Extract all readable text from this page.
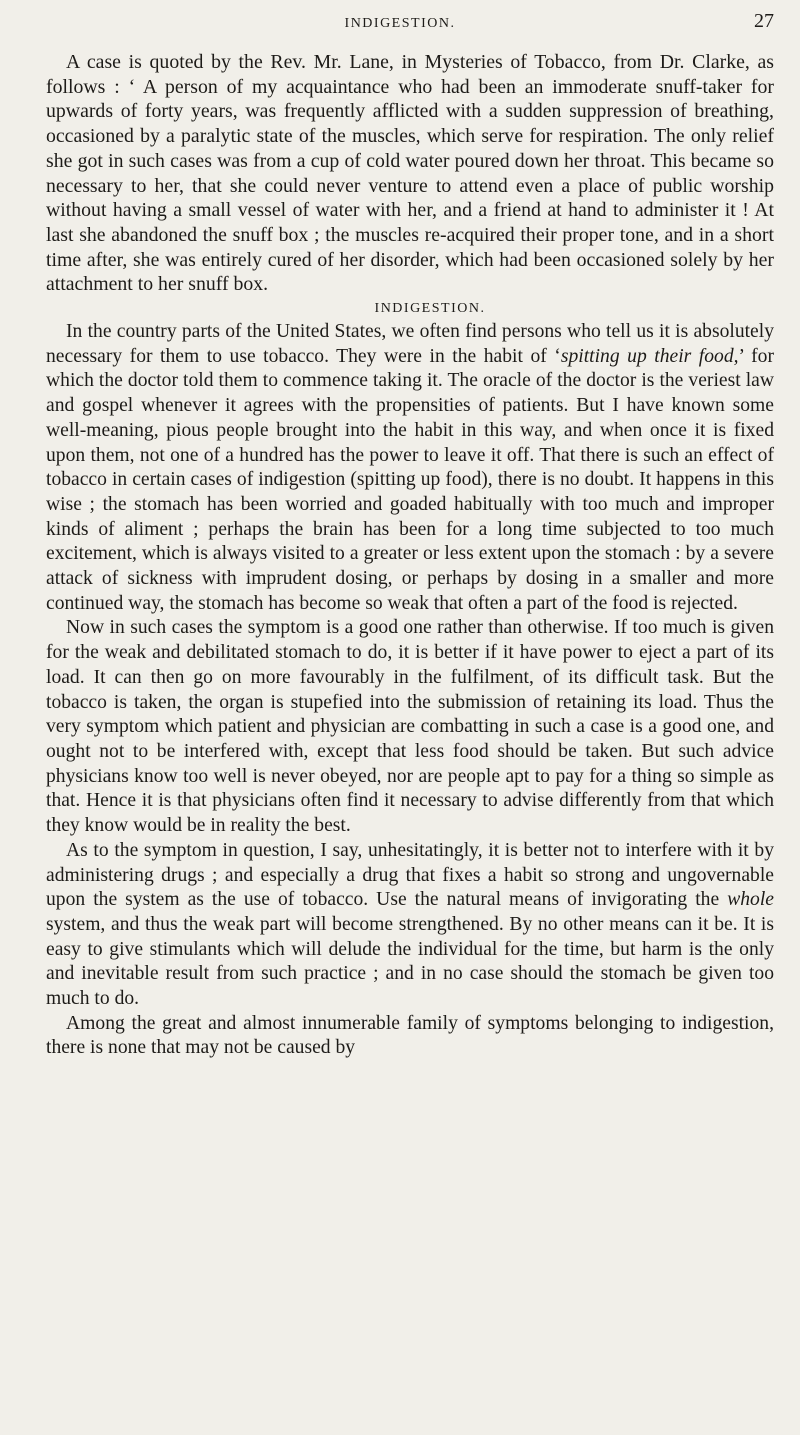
INDIGESTION.	27

A case is quoted by the Rev. Mr. Lane, in Mysteries of Tobacco, from Dr. Clarke, as follows : ‘ A person of my acquaintance who had been an immoderate snuff-taker for upwards of forty years, was frequently afflicted with a sudden suppression of breathing, occasioned by a paralytic state of the muscles, which serve for respiration. The only relief she got in such cases was from a cup of cold water poured down her throat. This became so necessary to her, that she could never venture to attend even a place of public worship without having a small vessel of water with her, and a friend at hand to administer it ! At last she abandoned the snuff box ; the muscles re-acquired their proper tone, and in a short time after, she was entirely cured of her disorder, which had been occasioned solely by her attachment to her snuff box.

INDIGESTION.

In the country parts of the United States, we often find persons who tell us it is absolutely necessary for them to use tobacco. They were in the habit of ‘spitting up their food,’ for which the doctor told them to commence taking it. The oracle of the doctor is the veriest law and gospel whenever it agrees with the propensities of patients. But I have known some well-meaning, pious people brought into the habit in this way, and when once it is fixed upon them, not one of a hundred has the power to leave it off. That there is such an effect of tobacco in certain cases of indigestion (spitting up food), there is no doubt. It happens in this wise ; the stomach has been worried and goaded habitually with too much and improper kinds of aliment ; perhaps the brain has been for a long time subjected to too much excitement, which is always visited to a greater or less extent upon the stomach : by a severe attack of sickness with imprudent dosing, or perhaps by dosing in a smaller and more continued way, the stomach has become so weak that often a part of the food is rejected.

Now in such cases the symptom is a good one rather than otherwise. If too much is given for the weak and debilitated stomach to do, it is better if it have power to eject a part of its load. It can then go on more favourably in the fulfilment, of its difficult task. But the tobacco is taken, the organ is stupefied into the submission of retaining its load. Thus the very symptom which patient and physician are combatting in such a case is a good one, and ought not to be interfered with, except that less food should be taken. But such advice physicians know too well is never obeyed, nor are people apt to pay for a thing so simple as that. Hence it is that physicians often find it necessary to advise differently from that which they know would be in reality the best.

As to the symptom in question, I say, unhesitatingly, it is better not to interfere with it by administering drugs ; and especially a drug that fixes a habit so strong and ungovernable upon the system as the use of tobacco. Use the natural means of invigorating the whole system, and thus the weak part will become strengthened. By no other means can it be. It is easy to give stimulants which will delude the individual for the time, but harm is the only and inevitable result from such practice ; and in no case should the stomach be given too much to do.

Among the great and almost innumerable family of symptoms belonging to indigestion, there is none that may not be caused by
